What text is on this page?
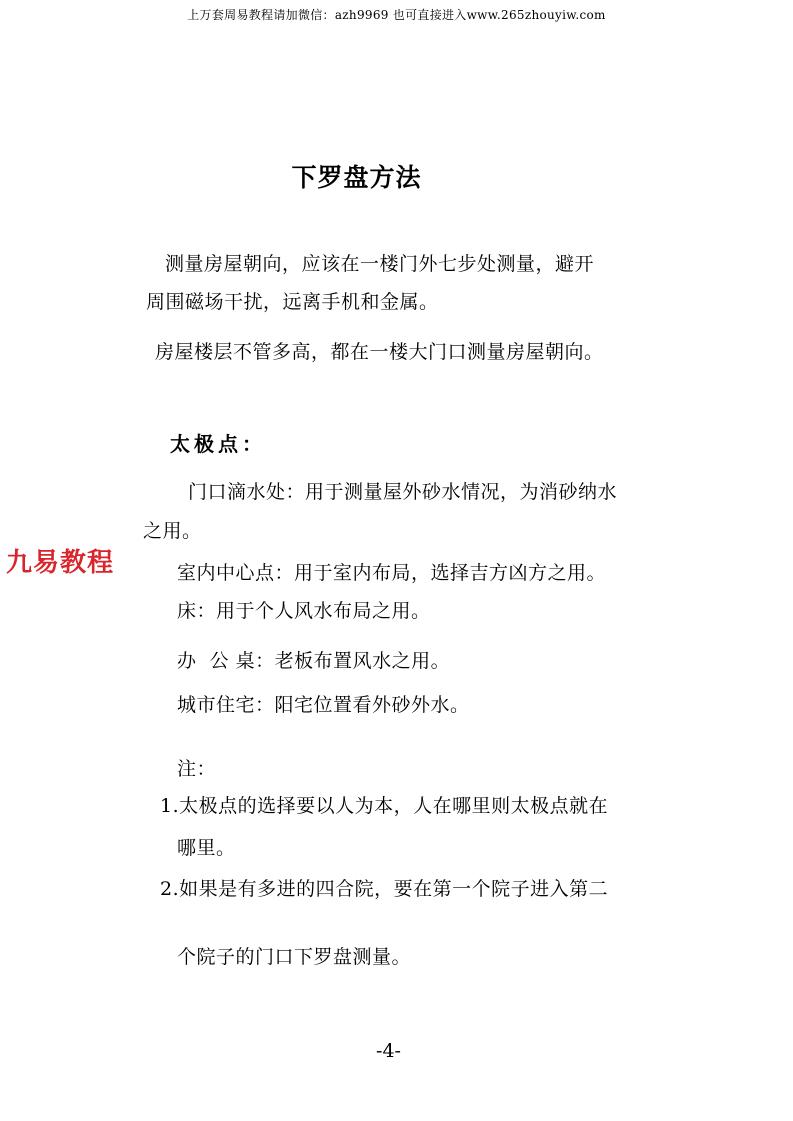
上万套周易教程请加微信：azh9969 也可直接进入www.265zhouyiw.com
下罗盘方法
测量房屋朝向，应该在一楼门外七步处测量，避开
周围磁场干扰，远离手机和金属。
房屋楼层不管多高，都在一楼大门口测量房屋朝向。
太极点：
门口滴水处：用于测量屋外砂水情况，为消砂纳水
之用。
室内中心点：用于室内布局，选择吉方凶方之用。
床：用于个人风水布局之用。
办  公 桌：老板布置风水之用。
城市住宅：阳宅位置看外砂外水。
注：
1.太极点的选择要以人为本，人在哪里则太极点就在
哪里。
2.如果是有多进的四合院，要在第一个院子进入第二
个院子的门口下罗盘测量。
九易教程
-4-
